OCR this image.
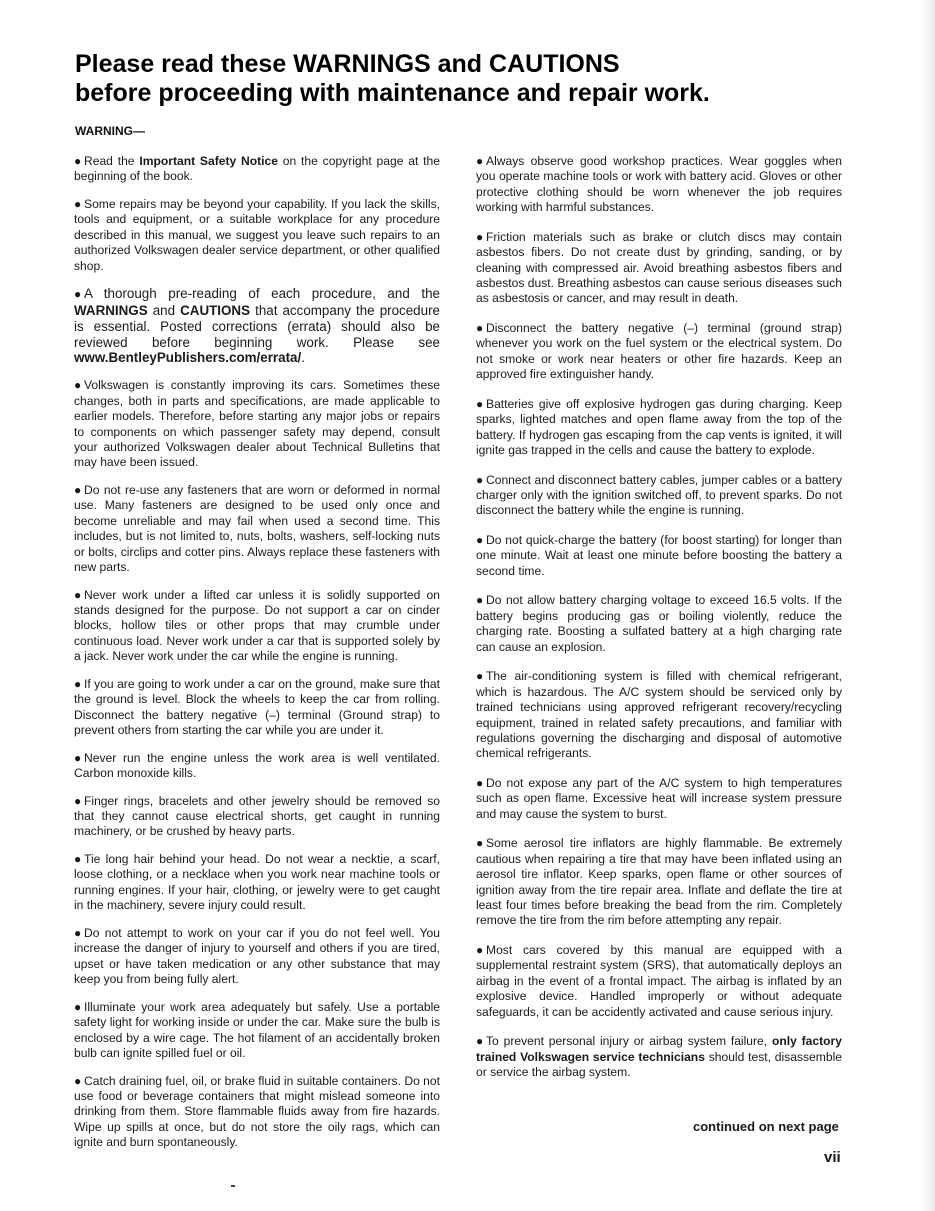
Please read these WARNINGS and CAUTIONS
before proceeding with maintenance and repair work.
WARNING—

● Read the Important Safety Notice on the copyright page at the beginning of the book.

● Some repairs may be beyond your capability. If you lack the skills, tools and equipment, or a suitable workplace for any procedure described in this manual, we suggest you leave such repairs to an authorized Volkswagen dealer service department, or other qualified shop.

● A thorough pre-reading of each procedure, and the WARNINGS and CAUTIONS that accompany the procedure is essential. Posted corrections (errata) should also be reviewed before beginning work. Please see www.BentleyPublishers.com/errata/.

● Volkswagen is constantly improving its cars. Sometimes these changes, both in parts and specifications, are made applicable to earlier models. Therefore, before starting any major jobs or repairs to components on which passenger safety may depend, consult your authorized Volkswagen dealer about Technical Bulletins that may have been issued.

● Do not re-use any fasteners that are worn or deformed in normal use. Many fasteners are designed to be used only once and become unreliable and may fail when used a second time. This includes, but is not limited to, nuts, bolts, washers, self-locking nuts or bolts, circlips and cotter pins. Always replace these fasteners with new parts.

● Never work under a lifted car unless it is solidly supported on stands designed for the purpose. Do not support a car on cinder blocks, hollow tiles or other props that may crumble under continuous load. Never work under a car that is supported solely by a jack. Never work under the car while the engine is running.

● If you are going to work under a car on the ground, make sure that the ground is level. Block the wheels to keep the car from rolling. Disconnect the battery negative (–) terminal (Ground strap) to prevent others from starting the car while you are under it.

● Never run the engine unless the work area is well ventilated. Carbon monoxide kills.

● Finger rings, bracelets and other jewelry should be removed so that they cannot cause electrical shorts, get caught in running machinery, or be crushed by heavy parts.

● Tie long hair behind your head. Do not wear a necktie, a scarf, loose clothing, or a necklace when you work near machine tools or running engines. If your hair, clothing, or jewelry were to get caught in the machinery, severe injury could result.

● Do not attempt to work on your car if you do not feel well. You increase the danger of injury to yourself and others if you are tired, upset or have taken medication or any other substance that may keep you from being fully alert.

● Illuminate your work area adequately but safely. Use a portable safety light for working inside or under the car. Make sure the bulb is enclosed by a wire cage. The hot filament of an accidentally broken bulb can ignite spilled fuel or oil.

● Catch draining fuel, oil, or brake fluid in suitable containers. Do not use food or beverage containers that might mislead someone into drinking from them. Store flammable fluids away from fire hazards. Wipe up spills at once, but do not store the oily rags, which can ignite and burn spontaneously.

● Always observe good workshop practices. Wear goggles when you operate machine tools or work with battery acid. Gloves or other protective clothing should be worn whenever the job requires working with harmful substances.

● Friction materials such as brake or clutch discs may contain asbestos fibers. Do not create dust by grinding, sanding, or by cleaning with compressed air. Avoid breathing asbestos fibers and asbestos dust. Breathing asbestos can cause serious diseases such as asbestosis or cancer, and may result in death.

● Disconnect the battery negative (–) terminal (ground strap) whenever you work on the fuel system or the electrical system. Do not smoke or work near heaters or other fire hazards. Keep an approved fire extinguisher handy.

● Batteries give off explosive hydrogen gas during charging. Keep sparks, lighted matches and open flame away from the top of the battery. If hydrogen gas escaping from the cap vents is ignited, it will ignite gas trapped in the cells and cause the battery to explode.

● Connect and disconnect battery cables, jumper cables or a battery charger only with the ignition switched off, to prevent sparks. Do not disconnect the battery while the engine is running.

● Do not quick-charge the battery (for boost starting) for longer than one minute. Wait at least one minute before boosting the battery a second time.

● Do not allow battery charging voltage to exceed 16.5 volts. If the battery begins producing gas or boiling violently, reduce the charging rate. Boosting a sulfated battery at a high charging rate can cause an explosion.

● The air-conditioning system is filled with chemical refrigerant, which is hazardous. The A/C system should be serviced only by trained technicians using approved refrigerant recovery/recycling equipment, trained in related safety precautions, and familiar with regulations governing the discharging and disposal of automotive chemical refrigerants.

● Do not expose any part of the A/C system to high temperatures such as open flame. Excessive heat will increase system pressure and may cause the system to burst.

● Some aerosol tire inflators are highly flammable. Be extremely cautious when repairing a tire that may have been inflated using an aerosol tire inflator. Keep sparks, open flame or other sources of ignition away from the tire repair area. Inflate and deflate the tire at least four times before breaking the bead from the rim. Completely remove the tire from the rim before attempting any repair.

● Most cars covered by this manual are equipped with a supplemental restraint system (SRS), that automatically deploys an airbag in the event of a frontal impact. The airbag is inflated by an explosive device. Handled improperly or without adequate safeguards, it can be accidently activated and cause serious injury.

● To prevent personal injury or airbag system failure, only factory trained Volkswagen service technicians should test, disassemble or service the airbag system.

continued on next page
vii
